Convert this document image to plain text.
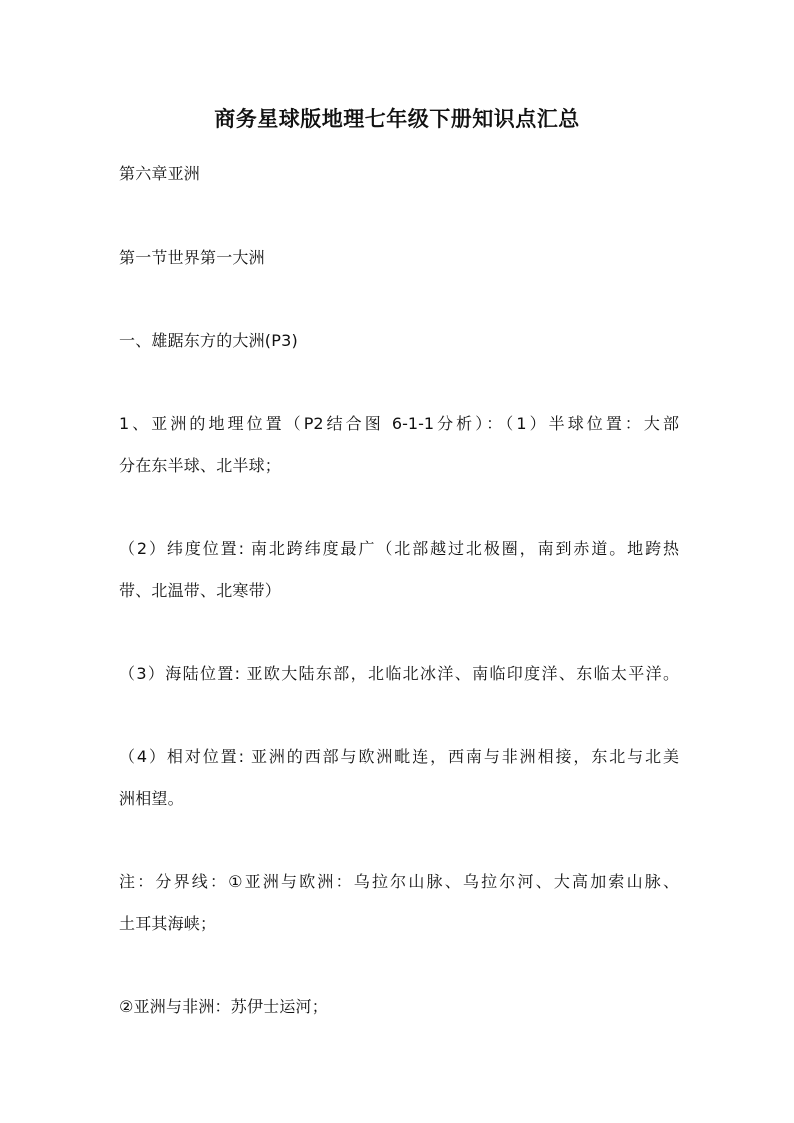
商务星球版地理七年级下册知识点汇总
第六章亚洲
第一节世界第一大洲
一、雄踞东方的大洲(P3)
1、亚洲的地理位置（P2结合图 6-1-1分析）：（1）半球位置：大部
分在东半球、北半球；
（2）纬度位置: 南北跨纬度最广（北部越过北极圈，南到赤道。地跨热
带、北温带、北寒带）
（3）海陆位置: 亚欧大陆东部，北临北冰洋、南临印度洋、东临太平洋。
（4）相对位置: 亚洲的西部与欧洲毗连，西南与非洲相接，东北与北美
洲相望。
注：分界线：①亚洲与欧洲：乌拉尔山脉、乌拉尔河、大高加索山脉、
土耳其海峡；
②亚洲与非洲：苏伊士运河；
